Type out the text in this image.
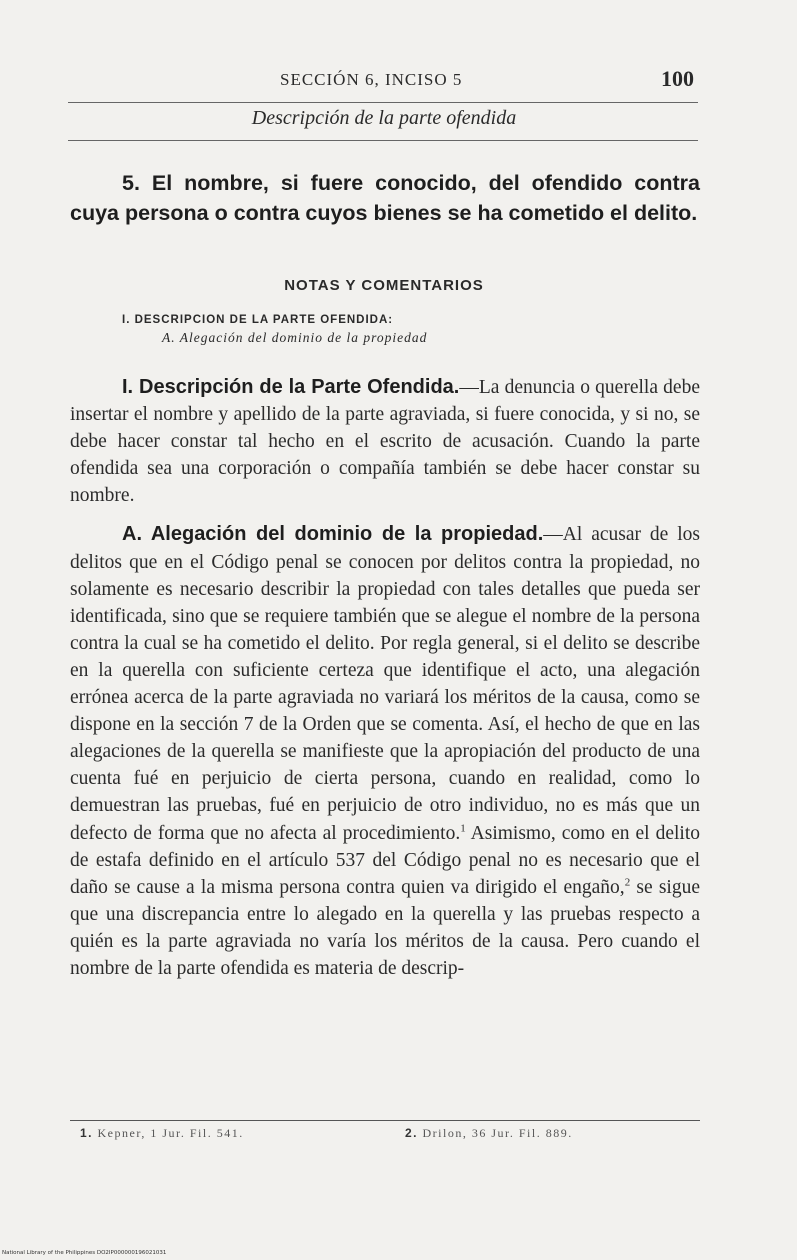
SECCIÓN 6, INCISO 5	100
Descripción de la parte ofendida
5. El nombre, si fuere conocido, del ofendido contra cuya persona o contra cuyos bienes se ha cometido el delito.
NOTAS Y COMENTARIOS
I. DESCRIPCION DE LA PARTE OFENDIDA:
A. Alegación del dominio de la propiedad

I. Descripción de la Parte Ofendida.—La denuncia o querella debe insertar el nombre y apellido de la parte agraviada, si fuere conocida, y si no, se debe hacer constar tal hecho en el escrito de acusación. Cuando la parte ofendida sea una corporación o compañía también se debe hacer constar su nombre.

A. Alegación del dominio de la propiedad.—Al acusar de los delitos que en el Código penal se conocen por delitos contra la propiedad, no solamente es necesario describir la propiedad con tales detalles que pueda ser identificada, sino que se requiere también que se alegue el nombre de la persona contra la cual se ha cometido el delito. Por regla general, si el delito se describe en la querella con suficiente certeza que identifique el acto, una alegación errónea acerca de la parte agraviada no variará los méritos de la causa, como se dispone en la sección 7 de la Orden que se comenta. Así, el hecho de que en las alegaciones de la querella se manifieste que la apropiación del producto de una cuenta fué en perjuicio de cierta persona, cuando en realidad, como lo demuestran las pruebas, fué en perjuicio de otro individuo, no es más que un defecto de forma que no afecta al procedimiento.$^1$ Asimismo, como en el delito de estafa definido en el artículo 537 del Código penal no es necesario que el daño se cause a la misma persona contra quien va dirigido el engaño,$^2$ se sigue que una discrepancia entre lo alegado en la querella y las pruebas respecto a quién es la parte agraviada no varía los méritos de la causa. Pero cuando el nombre de la parte ofendida es materia de descrip-

1. Kepner, 1 Jur. Fil. 541.	2. Drilon, 36 Jur. Fil. 889.
National Library of the Philippines DO2IP000000196021031
